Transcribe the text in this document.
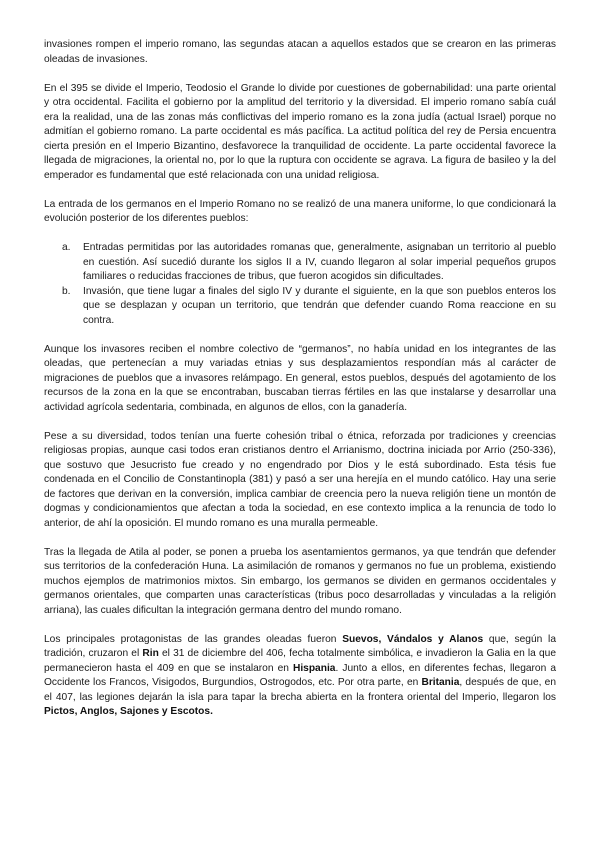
invasiones rompen el imperio romano, las segundas atacan a aquellos estados que se crearon en las primeras oleadas de invasiones.

En el 395 se divide el Imperio, Teodosio el Grande lo divide por cuestiones de gobernabilidad: una parte oriental y otra occidental. Facilita el gobierno por la amplitud del territorio y la diversidad. El imperio romano sabía cuál era la realidad, una de las zonas más conflictivas del imperio romano es la zona judía (actual Israel) porque no admitían el gobierno romano. La parte occidental es más pacífica. La actitud política del rey de Persia encuentra cierta presión en el Imperio Bizantino, desfavorece la tranquilidad de occidente. La parte occidental favorece la llegada de migraciones, la oriental no, por lo que la ruptura con occidente se agrava. La figura de basileo y la del emperador es fundamental que esté relacionada con una unidad religiosa.

La entrada de los germanos en el Imperio Romano no se realizó de una manera uniforme, lo que condicionará la evolución posterior de los diferentes pueblos:

a. Entradas permitidas por las autoridades romanas que, generalmente, asignaban un territorio al pueblo en cuestión. Así sucedió durante los siglos II a IV, cuando llegaron al solar imperial pequeños grupos familiares o reducidas fracciones de tribus, que fueron acogidos sin dificultades.
b. Invasión, que tiene lugar a finales del siglo IV y durante el siguiente, en la que son pueblos enteros los que se desplazan y ocupan un territorio, que tendrán que defender cuando Roma reaccione en su contra.

Aunque los invasores reciben el nombre colectivo de “germanos”, no había unidad en los integrantes de las oleadas, que pertenecían a muy variadas etnias y sus desplazamientos respondían más al carácter de migraciones de pueblos que a invasores relámpago. En general, estos pueblos, después del agotamiento de los recursos de la zona en la que se encontraban, buscaban tierras fértiles en las que instalarse y desarrollar una actividad agrícola sedentaria, combinada, en algunos de ellos, con la ganadería.

Pese a su diversidad, todos tenían una fuerte cohesión tribal o étnica, reforzada por tradiciones y creencias religiosas propias, aunque casi todos eran cristianos dentro el Arrianismo, doctrina iniciada por Arrio (250-336), que sostuvo que Jesucristo fue creado y no engendrado por Dios y le está subordinado. Esta tésis fue condenada en el Concilio de Constantinopla (381) y pasó a ser una herejía en el mundo católico. Hay una serie de factores que derivan en la conversión, implica cambiar de creencia pero la nueva religión tiene un montón de dogmas y condicionamientos que afectan a toda la sociedad, en ese contexto implica a la renuncia de todo lo anterior, de ahí la oposición. El mundo romano es una muralla permeable.

Tras la llegada de Atila al poder, se ponen a prueba los asentamientos germanos, ya que tendrán que defender sus territorios de la confederación Huna. La asimilación de romanos y germanos no fue un problema, existiendo muchos ejemplos de matrimonios mixtos. Sin embargo, los germanos se dividen en germanos occidentales y germanos orientales, que comparten unas características (tribus poco desarrolladas y vinculadas a la religión arriana), las cuales dificultan la integración germana dentro del mundo romano.

Los principales protagonistas de las grandes oleadas fueron Suevos, Vándalos y Alanos que, según la tradición, cruzaron el Rin el 31 de diciembre del 406, fecha totalmente simbólica, e invadieron la Galia en la que permanecieron hasta el 409 en que se instalaron en Hispania. Junto a ellos, en diferentes fechas, llegaron a Occidente los Francos, Visigodos, Burgundios, Ostrogodos, etc. Por otra parte, en Britania, después de que, en el 407, las legiones dejarán la isla para tapar la brecha abierta en la frontera oriental del Imperio, llegaron los Pictos, Anglos, Sajones y Escotos.
